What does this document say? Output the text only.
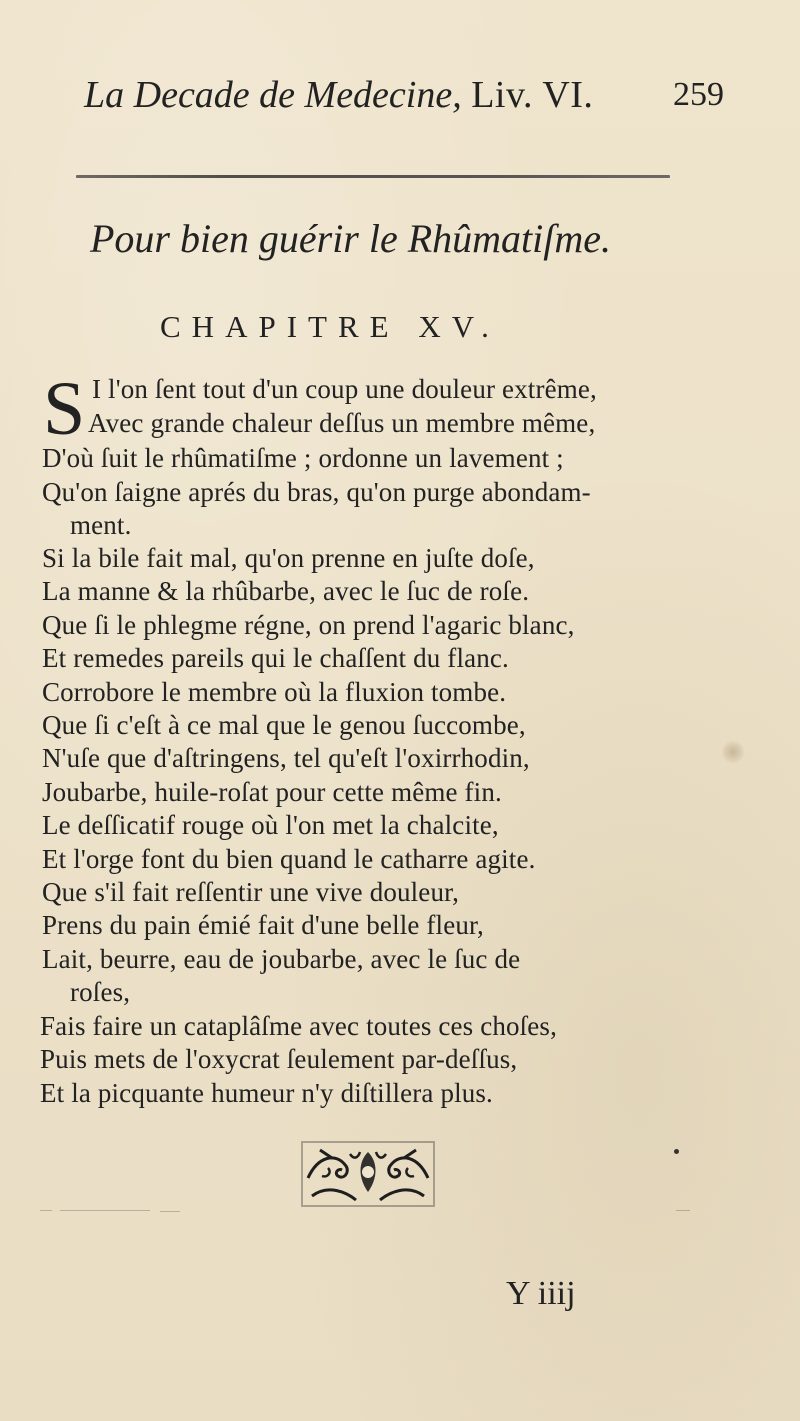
La Decade de Medecine, Liv. VI. 259
Pour bien guérir le Rhûmatiſme.
CHAPITRE XV.
S I l'on ſent tout d'un coup une douleur extrême,
Avec grande chaleur deſſus un membre même,
D'où ſuit le rhûmatiſme ; ordonne un lavement ;
Qu'on ſaigne aprés du bras, qu'on purge abondam-
ment.
Si la bile fait mal, qu'on prenne en juſte doſe,
La manne & la rhûbarbe, avec le ſuc de roſe.
Que ſi le phlegme régne, on prend l'agaric blanc,
Et remedes pareils qui le chaſſent du flanc.
Corrobore le membre où la fluxion tombe.
Que ſi c'eſt à ce mal que le genou ſuccombe,
N'uſe que d'aſtringens, tel qu'eſt l'oxirrhodin,
Joubarbe, huile-roſat pour cette même fin.
Le deſſicatif rouge où l'on met la chalcite,
Et l'orge font du bien quand le catharre agite.
Que s'il fait reſſentir une vive douleur,
Prens du pain émié fait d'une belle fleur,
Lait, beurre, eau de joubarbe, avec le ſuc de
roſes,
Fais faire un cataplâſme avec toutes ces choſes,
Puis mets de l'oxycrat ſeulement par-deſſus,
Et la picquante humeur n'y diſtillera plus.
Y iiij
